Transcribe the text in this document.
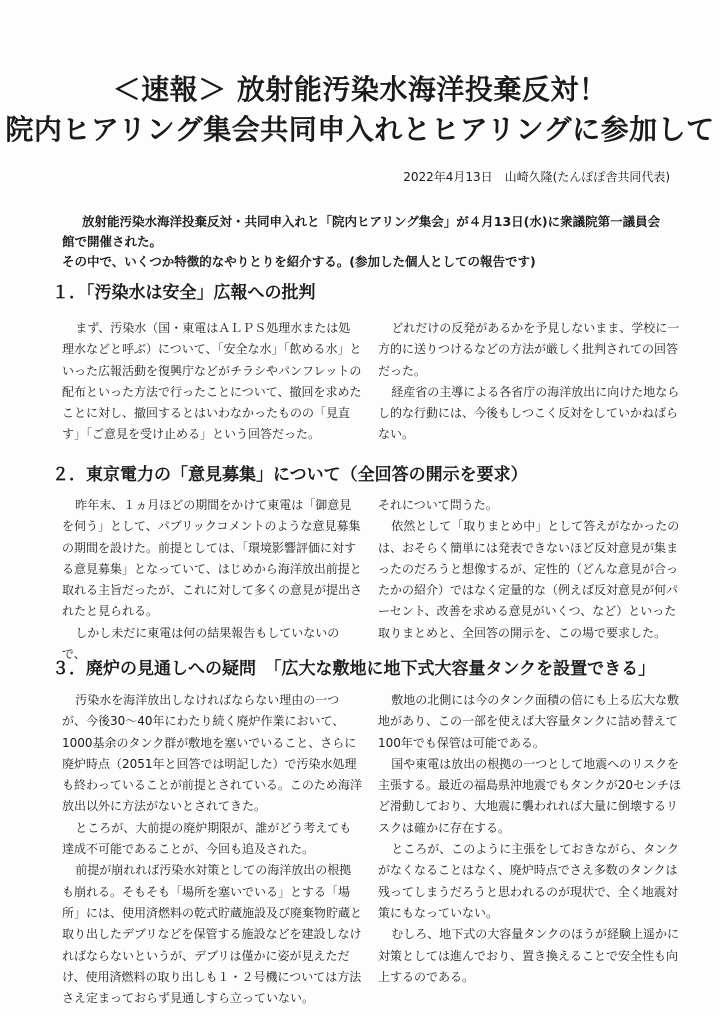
＜速報＞ 放射能汚染水海洋投棄反対！
院内ヒアリング集会共同申入れとヒアリングに参加して
2022年4月13日　山崎久隆(たんぽぽ舎共同代表)

放射能汚染水海洋投棄反対・共同申入れと「院内ヒアリング集会」が４月13日(水)に衆議院第一議員会館で開催された。

その中で、いくつか特徴的なやりとりを紹介する。(参加した個人としての報告です)

１．「汚染水は安全」広報への批判

まず、汚染水（国・東電はＡＬＰＳ処理水または処理水などと呼ぶ）について、「安全な水」「飲める水」といった広報活動を復興庁などがチラシやパンフレットの配布といった方法で行ったことについて、撤回を求めたことに対し、撤回するとはいわなかったものの「見直す」「ご意見を受け止める」という回答だった。

どれだけの反発があるかを予見しないまま、学校に一方的に送りつけるなどの方法が厳しく批判されての回答だった。

経産省の主導による各省庁の海洋放出に向けた地ならし的な行動には、今後もしつこく反対をしていかねばらない。

２．東京電力の「意見募集」について（全回答の開示を要求）

昨年末、１ヵ月ほどの期間をかけて東電は「御意見を伺う」として、パブリックコメントのような意見募集の期間を設けた。前提としては、「環境影響評価に対する意見募集」となっていて、はじめから海洋放出前提と取れる主旨だったが、これに対して多くの意見が提出されたと見られる。

しかし未だに東電は何の結果報告もしていないので、

それについて問うた。

依然として「取りまとめ中」として答えがなかったのは、おそらく簡単には発表できないほど反対意見が集まったのだろうと想像するが、定性的（どんな意見が合ったかの紹介）ではなく定量的な（例えば反対意見が何パーセント、改善を求める意見がいくつ、など）といった取りまとめと、全回答の開示を、この場で要求した。

３．廃炉の見通しへの疑問　「広大な敷地に地下式大容量タンクを設置できる」

汚染水を海洋放出しなければならない理由の一つが、今後30～40年にわたり続く廃炉作業において、1000基余のタンク群が敷地を塞いでいること、さらに廃炉時点（2051年と回答では明記した）で汚染水処理も終わっていることが前提とされている。このため海洋放出以外に方法がないとされてきた。

ところが、大前提の廃炉期限が、誰がどう考えても達成不可能であることが、今回も追及された。

前提が崩れれば汚染水対策としての海洋放出の根拠も崩れる。そもそも「場所を塞いでいる」とする「場所」には、使用済燃料の乾式貯蔵施設及び廃棄物貯蔵と取り出したデブリなどを保管する施設などを建設しなければならないというが、デブリは僅かに姿が見えただけ、使用済燃料の取り出しも１・２号機については方法さえ定まっておらず見通しすら立っていない。

敷地の北側には今のタンク面積の倍にも上る広大な敷地があり、この一部を使えば大容量タンクに詰め替えて100年でも保管は可能である。

国や東電は放出の根拠の一つとして地震へのリスクを主張する。最近の福島県沖地震でもタンクが20センチほど滑動しており、大地震に襲われれば大量に倒壊するリスクは確かに存在する。

ところが、このように主張をしておきながら、タンクがなくなることはなく、廃炉時点でさえ多数のタンクは残ってしまうだろうと思われるのが現状で、全く地震対策にもなっていない。

むしろ、地下式の大容量タンクのほうが経験上遥かに対策としては進んでおり、置き換えることで安全性も向上するのである。
